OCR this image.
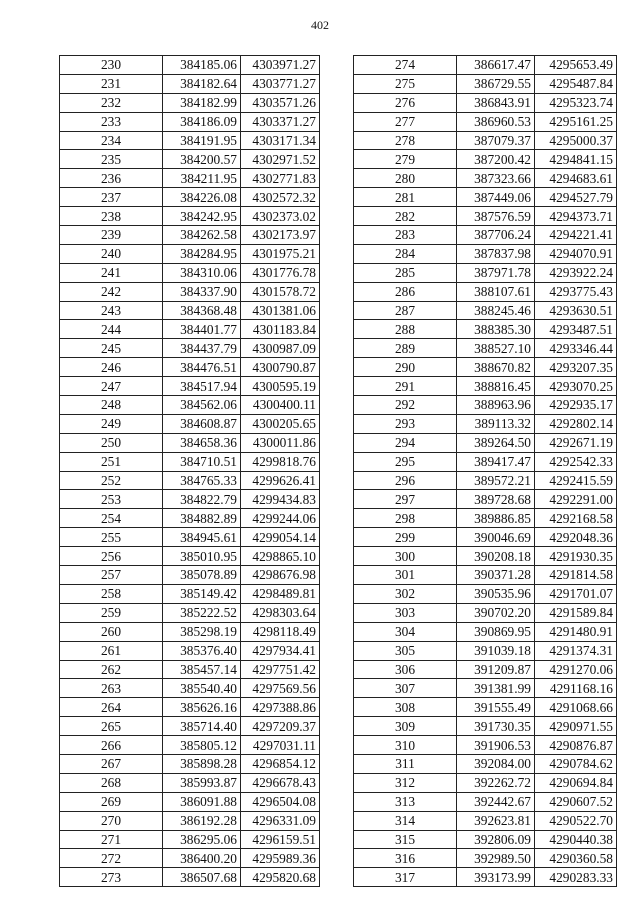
402
230	384185.06	4303971.27
231	384182.64	4303771.27
232	384182.99	4303571.26
233	384186.09	4303371.27
234	384191.95	4303171.34
235	384200.57	4302971.52
236	384211.95	4302771.83
237	384226.08	4302572.32
238	384242.95	4302373.02
239	384262.58	4302173.97
240	384284.95	4301975.21
241	384310.06	4301776.78
242	384337.90	4301578.72
243	384368.48	4301381.06
244	384401.77	4301183.84
245	384437.79	4300987.09
246	384476.51	4300790.87
247	384517.94	4300595.19
248	384562.06	4300400.11
249	384608.87	4300205.65
250	384658.36	4300011.86
251	384710.51	4299818.76
252	384765.33	4299626.41
253	384822.79	4299434.83
254	384882.89	4299244.06
255	384945.61	4299054.14
256	385010.95	4298865.10
257	385078.89	4298676.98
258	385149.42	4298489.81
259	385222.52	4298303.64
260	385298.19	4298118.49
261	385376.40	4297934.41
262	385457.14	4297751.42
263	385540.40	4297569.56
264	385626.16	4297388.86
265	385714.40	4297209.37
266	385805.12	4297031.11
267	385898.28	4296854.12
268	385993.87	4296678.43
269	386091.88	4296504.08
270	386192.28	4296331.09
271	386295.06	4296159.51
272	386400.20	4295989.36
273	386507.68	4295820.68
274	386617.47	4295653.49
275	386729.55	4295487.84
276	386843.91	4295323.74
277	386960.53	4295161.25
278	387079.37	4295000.37
279	387200.42	4294841.15
280	387323.66	4294683.61
281	387449.06	4294527.79
282	387576.59	4294373.71
283	387706.24	4294221.41
284	387837.98	4294070.91
285	387971.78	4293922.24
286	388107.61	4293775.43
287	388245.46	4293630.51
288	388385.30	4293487.51
289	388527.10	4293346.44
290	388670.82	4293207.35
291	388816.45	4293070.25
292	388963.96	4292935.17
293	389113.32	4292802.14
294	389264.50	4292671.19
295	389417.47	4292542.33
296	389572.21	4292415.59
297	389728.68	4292291.00
298	389886.85	4292168.58
299	390046.69	4292048.36
300	390208.18	4291930.35
301	390371.28	4291814.58
302	390535.96	4291701.07
303	390702.20	4291589.84
304	390869.95	4291480.91
305	391039.18	4291374.31
306	391209.87	4291270.06
307	391381.99	4291168.16
308	391555.49	4291068.66
309	391730.35	4290971.55
310	391906.53	4290876.87
311	392084.00	4290784.62
312	392262.72	4290694.84
313	392442.67	4290607.52
314	392623.81	4290522.70
315	392806.09	4290440.38
316	392989.50	4290360.58
317	393173.99	4290283.33
